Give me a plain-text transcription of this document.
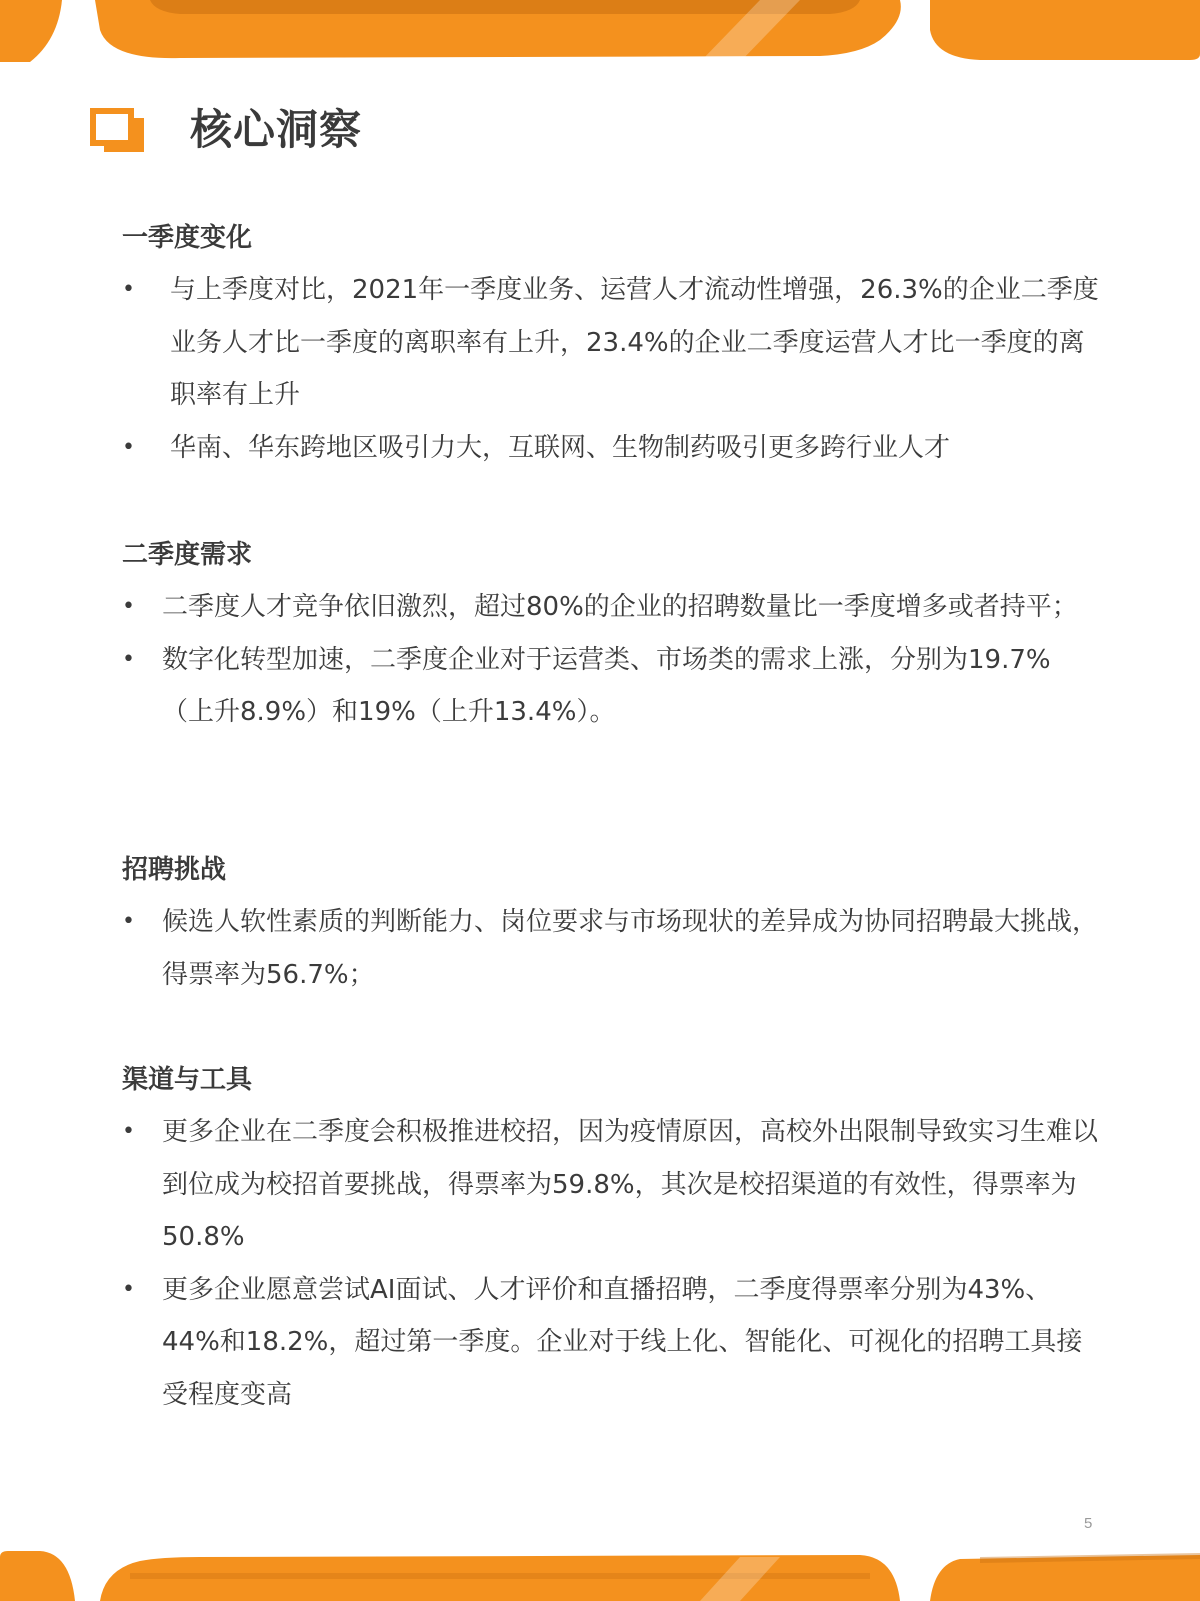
核心洞察
一季度变化
• 与上季度对比，2021年一季度业务、运营人才流动性增强，26.3%的企业二季度业务人才比一季度的离职率有上升，23.4%的企业二季度运营人才比一季度的离职率有上升
• 华南、华东跨地区吸引力大，互联网、生物制药吸引更多跨行业人才
二季度需求
• 二季度人才竞争依旧激烈，超过80%的企业的招聘数量比一季度增多或者持平；
• 数字化转型加速，二季度企业对于运营类、市场类的需求上涨，分别为19.7%（上升8.9%）和19%（上升13.4%）。
招聘挑战
• 候选人软性素质的判断能力、岗位要求与市场现状的差异成为协同招聘最大挑战，得票率为56.7%；
渠道与工具
• 更多企业在二季度会积极推进校招，因为疫情原因，高校外出限制导致实习生难以到位成为校招首要挑战，得票率为59.8%，其次是校招渠道的有效性，得票率为50.8%
• 更多企业愿意尝试AI面试、人才评价和直播招聘，二季度得票率分别为43%、44%和18.2%，超过第一季度。企业对于线上化、智能化、可视化的招聘工具接受程度变高
5
